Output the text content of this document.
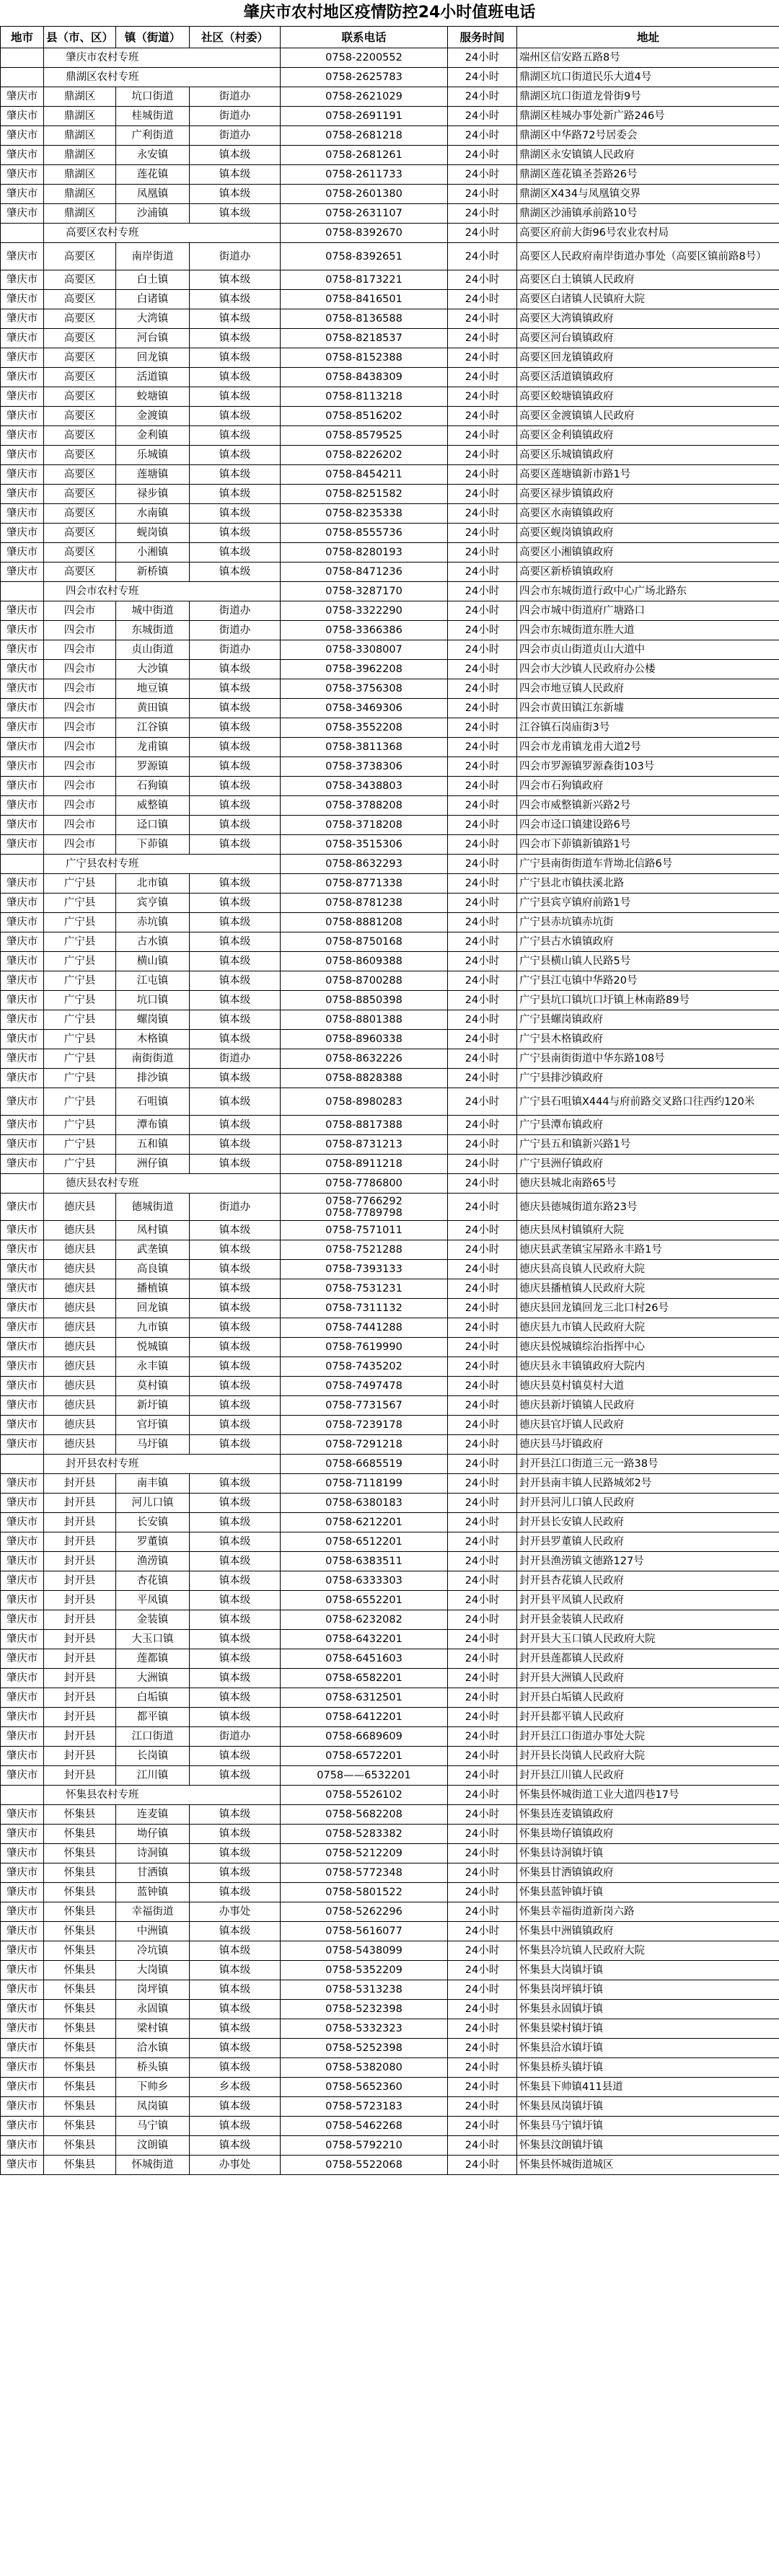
肇庆市农村地区疫情防控24小时值班电话
地市	县（市、区）	镇（街道）	社区（村委）	联系电话	服务时间	地址
	肇庆市农村专班			0758-2200552	24小时	端州区信安路五路8号
	鼎湖区农村专班			0758-2625783	24小时	鼎湖区坑口街道民乐大道4号
肇庆市	鼎湖区	坑口街道	街道办	0758-2621029	24小时	鼎湖区坑口街道龙骨街9号
肇庆市	鼎湖区	桂城街道	街道办	0758-2691191	24小时	鼎湖区桂城办事处新广路246号
肇庆市	鼎湖区	广利街道	街道办	0758-2681218	24小时	鼎湖区中华路72号居委会
肇庆市	鼎湖区	永安镇	镇本级	0758-2681261	24小时	鼎湖区永安镇镇人民政府
肇庆市	鼎湖区	莲花镇	镇本级	0758-2611733	24小时	鼎湖区莲花镇圣荟路26号
肇庆市	鼎湖区	凤凰镇	镇本级	0758-2601380	24小时	鼎湖区X434与凤凰镇交界
肇庆市	鼎湖区	沙浦镇	镇本级	0758-2631107	24小时	鼎湖区沙浦镇承前路10号
	高要区农村专班			0758-8392670	24小时	高要区府前大街96号农业农村局
肇庆市	高要区	南岸街道	街道办	0758-8392651	24小时	高要区人民政府南岸街道办事处（高要区镇前路8号）
肇庆市	高要区	白土镇	镇本级	0758-8173221	24小时	高要区白土镇镇人民政府
肇庆市	高要区	白诸镇	镇本级	0758-8416501	24小时	高要区白诸镇人民镇府大院
肇庆市	高要区	大湾镇	镇本级	0758-8136588	24小时	高要区大湾镇镇政府
肇庆市	高要区	河台镇	镇本级	0758-8218537	24小时	高要区河台镇镇政府
肇庆市	高要区	回龙镇	镇本级	0758-8152388	24小时	高要区回龙镇镇政府
肇庆市	高要区	活道镇	镇本级	0758-8438309	24小时	高要区活道镇镇政府
肇庆市	高要区	蛟塘镇	镇本级	0758-8113218	24小时	高要区蛟塘镇镇政府
肇庆市	高要区	金渡镇	镇本级	0758-8516202	24小时	高要区金渡镇镇人民政府
肇庆市	高要区	金利镇	镇本级	0758-8579525	24小时	高要区金利镇镇政府
肇庆市	高要区	乐城镇	镇本级	0758-8226202	24小时	高要区乐城镇镇政府
肇庆市	高要区	莲塘镇	镇本级	0758-8454211	24小时	高要区莲塘镇新市路1号
肇庆市	高要区	禄步镇	镇本级	0758-8251582	24小时	高要区禄步镇镇政府
肇庆市	高要区	水南镇	镇本级	0758-8235338	24小时	高要区水南镇镇政府
肇庆市	高要区	蚬岗镇	镇本级	0758-8555736	24小时	高要区蚬岗镇镇政府
肇庆市	高要区	小湘镇	镇本级	0758-8280193	24小时	高要区小湘镇镇政府
肇庆市	高要区	新桥镇	镇本级	0758-8471236	24小时	高要区新桥镇镇政府
	四会市农村专班			0758-3287170	24小时	四会市东城街道行政中心广场北路东
肇庆市	四会市	城中街道	街道办	0758-3322290	24小时	四会市城中街道府广塘路口
肇庆市	四会市	东城街道	街道办	0758-3366386	24小时	四会市东城街道东胜大道
肇庆市	四会市	贞山街道	街道办	0758-3308007	24小时	四会市贞山街道贞山大道中
肇庆市	四会市	大沙镇	镇本级	0758-3962208	24小时	四会市大沙镇人民政府办公楼
肇庆市	四会市	地豆镇	镇本级	0758-3756308	24小时	四会市地豆镇人民政府
肇庆市	四会市	黄田镇	镇本级	0758-3469306	24小时	四会市黄田镇江东新墟
肇庆市	四会市	江谷镇	镇本级	0758-3552208	24小时	江谷镇石岗庙街3号
肇庆市	四会市	龙甫镇	镇本级	0758-3811368	24小时	四会市龙甫镇龙甫大道2号
肇庆市	四会市	罗源镇	镇本级	0758-3738306	24小时	四会市罗源镇罗源森街103号
肇庆市	四会市	石狗镇	镇本级	0758-3438803	24小时	四会市石狗镇政府
肇庆市	四会市	威整镇	镇本级	0758-3788208	24小时	四会市威整镇新兴路2号
肇庆市	四会市	迳口镇	镇本级	0758-3718208	24小时	四会市迳口镇建设路6号
肇庆市	四会市	下茆镇	镇本级	0758-3515306	24小时	四会市下茆镇新镇路1号
	广宁县农村专班			0758-8632293	24小时	广宁县南街街道车背坳北信路6号
肇庆市	广宁县	北市镇	镇本级	0758-8771338	24小时	广宁县北市镇扶溪北路
肇庆市	广宁县	宾亨镇	镇本级	0758-8781238	24小时	广宁县宾亨镇府前路1号
肇庆市	广宁县	赤坑镇	镇本级	0758-8881208	24小时	广宁县赤坑镇赤坑街
肇庆市	广宁县	古水镇	镇本级	0758-8750168	24小时	广宁县古水镇镇政府
肇庆市	广宁县	横山镇	镇本级	0758-8609388	24小时	广宁县横山镇人民路5号
肇庆市	广宁县	江屯镇	镇本级	0758-8700288	24小时	广宁县江屯镇中华路20号
肇庆市	广宁县	坑口镇	镇本级	0758-8850398	24小时	广宁县坑口镇坑口圩镇上林南路89号
肇庆市	广宁县	螺岗镇	镇本级	0758-8801388	24小时	广宁县螺岗镇政府
肇庆市	广宁县	木格镇	镇本级	0758-8960338	24小时	广宁县木格镇政府
肇庆市	广宁县	南街街道	街道办	0758-8632226	24小时	广宁县南街街道中华东路108号
肇庆市	广宁县	排沙镇	镇本级	0758-8828388	24小时	广宁县排沙镇政府
肇庆市	广宁县	石咀镇	镇本级	0758-8980283	24小时	广宁县石咀镇X444与府前路交叉路口往西约120米
肇庆市	广宁县	潭布镇	镇本级	0758-8817388	24小时	广宁县潭布镇政府
肇庆市	广宁县	五和镇	镇本级	0758-8731213	24小时	广宁县五和镇新兴路1号
肇庆市	广宁县	洲仔镇	镇本级	0758-8911218	24小时	广宁县洲仔镇政府
	德庆县农村专班			0758-7786800	24小时	德庆县城北南路65号
肇庆市	德庆县	德城街道	街道办	0758-7766292
0758-7789798	24小时	德庆县德城街道东路23号
肇庆市	德庆县	凤村镇	镇本级	0758-7571011	24小时	德庆县凤村镇镇府大院
肇庆市	德庆县	武垄镇	镇本级	0758-7521288	24小时	德庆县武垄镇宝屋路永丰路1号
肇庆市	德庆县	高良镇	镇本级	0758-7393133	24小时	德庆县高良镇人民政府大院
肇庆市	德庆县	播植镇	镇本级	0758-7531231	24小时	德庆县播植镇人民政府大院
肇庆市	德庆县	回龙镇	镇本级	0758-7311132	24小时	德庆县回龙镇回龙三北口村26号
肇庆市	德庆县	九市镇	镇本级	0758-7441288	24小时	德庆县九市镇人民政府大院
肇庆市	德庆县	悦城镇	镇本级	0758-7619990	24小时	德庆县悦城镇综治指挥中心
肇庆市	德庆县	永丰镇	镇本级	0758-7435202	24小时	德庆县永丰镇镇政府大院内
肇庆市	德庆县	莫村镇	镇本级	0758-7497478	24小时	德庆县莫村镇莫村大道
肇庆市	德庆县	新圩镇	镇本级	0758-7731567	24小时	德庆县新圩镇镇人民政府
肇庆市	德庆县	官圩镇	镇本级	0758-7239178	24小时	德庆县官圩镇人民政府
肇庆市	德庆县	马圩镇	镇本级	0758-7291218	24小时	德庆县马圩镇政府
	封开县农村专班			0758-6685519	24小时	封开县江口街道三元一路38号
肇庆市	封开县	南丰镇	镇本级	0758-7118199	24小时	封开县南丰镇人民路城郊2号
肇庆市	封开县	河儿口镇	镇本级	0758-6380183	24小时	封开县河儿口镇人民政府
肇庆市	封开县	长安镇	镇本级	0758-6212201	24小时	封开县长安镇人民政府
肇庆市	封开县	罗董镇	镇本级	0758-6512201	24小时	封开县罗董镇人民政府
肇庆市	封开县	渔涝镇	镇本级	0758-6383511	24小时	封开县渔涝镇文德路127号
肇庆市	封开县	杏花镇	镇本级	0758-6333303	24小时	封开县杏花镇人民政府
肇庆市	封开县	平凤镇	镇本级	0758-6552201	24小时	封开县平凤镇人民政府
肇庆市	封开县	金装镇	镇本级	0758-6232082	24小时	封开县金装镇人民政府
肇庆市	封开县	大玉口镇	镇本级	0758-6432201	24小时	封开县大玉口镇人民政府大院
肇庆市	封开县	莲都镇	镇本级	0758-6451603	24小时	封开县莲都镇人民政府
肇庆市	封开县	大洲镇	镇本级	0758-6582201	24小时	封开县大洲镇人民政府
肇庆市	封开县	白垢镇	镇本级	0758-6312501	24小时	封开县白垢镇人民政府
肇庆市	封开县	都平镇	镇本级	0758-6412201	24小时	封开县都平镇人民政府
肇庆市	封开县	江口街道	街道办	0758-6689609	24小时	封开县江口街道办事处大院
肇庆市	封开县	长岗镇	镇本级	0758-6572201	24小时	封开县长岗镇人民政府大院
肇庆市	封开县	江川镇	镇本级	0758——6532201	24小时	封开县江川镇人民政府
	怀集县农村专班			0758-5526102	24小时	怀集县怀城街道工业大道四巷17号
肇庆市	怀集县	连麦镇	镇本级	0758-5682208	24小时	怀集县连麦镇镇政府
肇庆市	怀集县	坳仔镇	镇本级	0758-5283382	24小时	怀集县坳仔镇镇政府
肇庆市	怀集县	诗洞镇	镇本级	0758-5212209	24小时	怀集县诗洞镇圩镇
肇庆市	怀集县	甘洒镇	镇本级	0758-5772348	24小时	怀集县甘洒镇镇政府
肇庆市	怀集县	蓝钟镇	镇本级	0758-5801522	24小时	怀集县蓝钟镇圩镇
肇庆市	怀集县	幸福街道	办事处	0758-5262296	24小时	怀集县幸福街道新岗六路
肇庆市	怀集县	中洲镇	镇本级	0758-5616077	24小时	怀集县中洲镇镇政府
肇庆市	怀集县	冷坑镇	镇本级	0758-5438099	24小时	怀集县冷坑镇人民政府大院
肇庆市	怀集县	大岗镇	镇本级	0758-5352209	24小时	怀集县大岗镇圩镇
肇庆市	怀集县	岗坪镇	镇本级	0758-5313238	24小时	怀集县岗坪镇圩镇
肇庆市	怀集县	永固镇	镇本级	0758-5232398	24小时	怀集县永固镇圩镇
肇庆市	怀集县	梁村镇	镇本级	0758-5332323	24小时	怀集县梁村镇圩镇
肇庆市	怀集县	洽水镇	镇本级	0758-5252398	24小时	怀集县洽水镇圩镇
肇庆市	怀集县	桥头镇	镇本级	0758-5382080	24小时	怀集县桥头镇圩镇
肇庆市	怀集县	下帅乡	乡本级	0758-5652360	24小时	怀集县下帅镇411县道
肇庆市	怀集县	凤岗镇	镇本级	0758-5723183	24小时	怀集县凤岗镇圩镇
肇庆市	怀集县	马宁镇	镇本级	0758-5462268	24小时	怀集县马宁镇圩镇
肇庆市	怀集县	汶朗镇	镇本级	0758-5792210	24小时	怀集县汶朗镇圩镇
肇庆市	怀集县	怀城街道	办事处	0758-5522068	24小时	怀集县怀城街道城区
